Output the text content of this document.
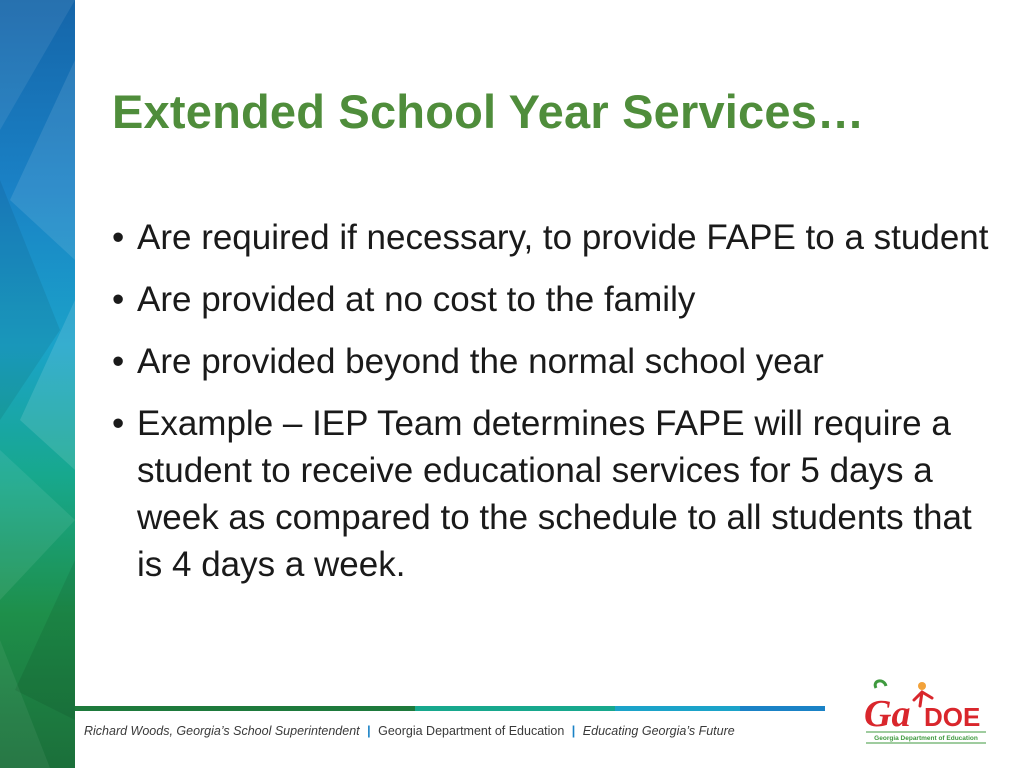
Extended School Year Services…
• Are required if necessary, to provide FAPE to a student
• Are provided at no cost to the family
• Are provided beyond the normal school year
• Example – IEP Team determines FAPE will require a student to receive educational services for 5 days a week as compared to the schedule to all students that is 4 days a week.
Richard Woods, Georgia’s School Superintendent | Georgia Department of Education | Educating Georgia’s Future	Ga DOE
Georgia Department of Education
